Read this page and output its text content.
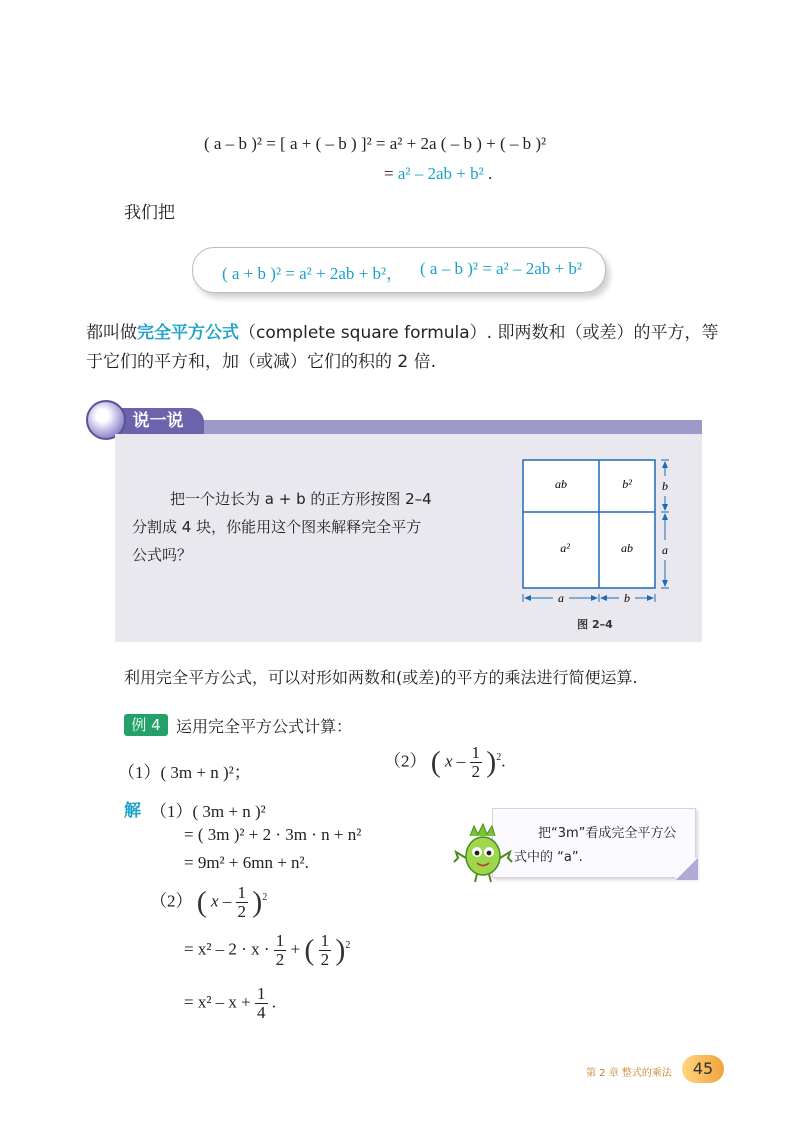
( a – b )² = [ a + ( – b ) ]² = a² + 2a ( – b ) + ( – b )²
= a² – 2ab + b² .
我们把
( a + b )² = a² + 2ab + b²， ( a – b )² = a² – 2ab + b²
都叫做完全平方公式（complete square formula）. 即两数和（或差）的平方，等
于它们的平方和，加（或减）它们的积的 2 倍.
说一说
把一个边长为 a + b 的正方形按图 2–4
分割成 4 块，你能用这个图来解释完全平方
公式吗？
ab	b²
a²	ab
b
a
a	b
图 2–4
利用完全平方公式，可以对形如两数和(或差)的平方的乘法进行简便运算.
例 4 运用完全平方公式计算：
（1）( 3m + n )²；
（2） ( x – $\frac{1}{2} )^2$.
解 （1）( 3m + n )²
= ( 3m )² + 2 · 3m · n + n²
= 9m² + 6mn + n².
（2） ( x – $\frac{1}{2} )^2$
= $x^2 - 2 \cdot x \cdot \frac{1}{2}$ + ( $\frac{1}{2} )^2$
= $x^2 - x + \frac{1}{4}$ .
把“3m”看成完全平方公
式中的 “a”.
第 2 章 整式的乘法	45
